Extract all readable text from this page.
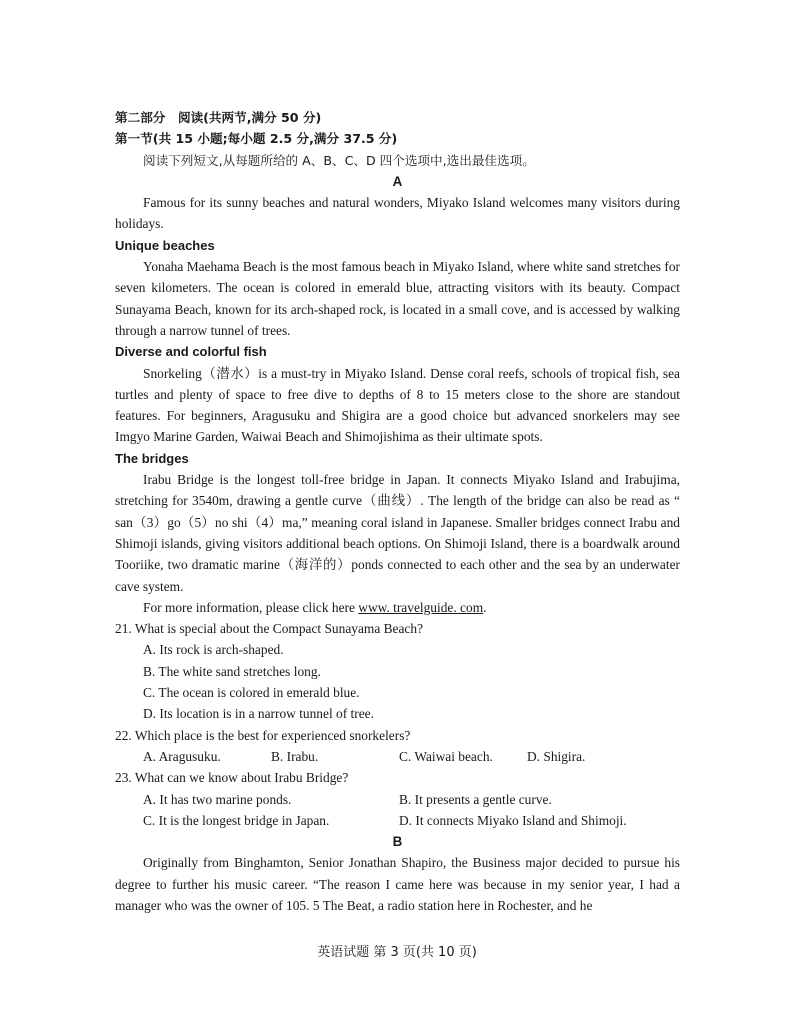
第二部分　阅读(共两节,满分 50 分)
第一节(共 15 小题;每小题 2.5 分,满分 37.5 分)
阅读下列短文,从每题所给的 A、B、C、D 四个选项中,选出最佳选项。
A
Famous for its sunny beaches and natural wonders, Miyako Island welcomes many visitors during holidays.
Unique beaches
Yonaha Maehama Beach is the most famous beach in Miyako Island, where white sand stretches for seven kilometers. The ocean is colored in emerald blue, attracting visitors with its beauty. Compact Sunayama Beach, known for its arch-shaped rock, is located in a small cove, and is accessed by walking through a narrow tunnel of trees.
Diverse and colorful fish
Snorkeling（潜水）is a must-try in Miyako Island. Dense coral reefs, schools of tropical fish, sea turtles and plenty of space to free dive to depths of 8 to 15 meters close to the shore are standout features. For beginners, Aragusuku and Shigira are a good choice but advanced snorkelers may see Imgyo Marine Garden, Waiwai Beach and Shimojishima as their ultimate spots.
The bridges
Irabu Bridge is the longest toll-free bridge in Japan. It connects Miyako Island and Irabujima, stretching for 3540m, drawing a gentle curve（曲线）. The length of the bridge can also be read as “ san（3）go（5）no shi（4）ma,” meaning coral island in Japanese. Smaller bridges connect Irabu and Shimoji islands, giving visitors additional beach options. On Shimoji Island, there is a boardwalk around Tooriike, two dramatic marine（海洋的）ponds connected to each other and the sea by an underwater cave system.
For more information, please click here www. travelguide. com.
21. What is special about the Compact Sunayama Beach?
A. Its rock is arch-shaped.
B. The white sand stretches long.
C. The ocean is colored in emerald blue.
D. Its location is in a narrow tunnel of tree.
22. Which place is the best for experienced snorkelers?
A. Aragusuku.	B. Irabu.	C. Waiwai beach.	D. Shigira.
23. What can we know about Irabu Bridge?
A. It has two marine ponds.	B. It presents a gentle curve.
C. It is the longest bridge in Japan.	D. It connects Miyako Island and Shimoji.
B
Originally from Binghamton, Senior Jonathan Shapiro, the Business major decided to pursue his degree to further his music career. “The reason I came here was because in my senior year, I had a manager who was the owner of 105. 5 The Beat, a radio station here in Rochester, and he
英语试题 第 3 页(共 10 页)
